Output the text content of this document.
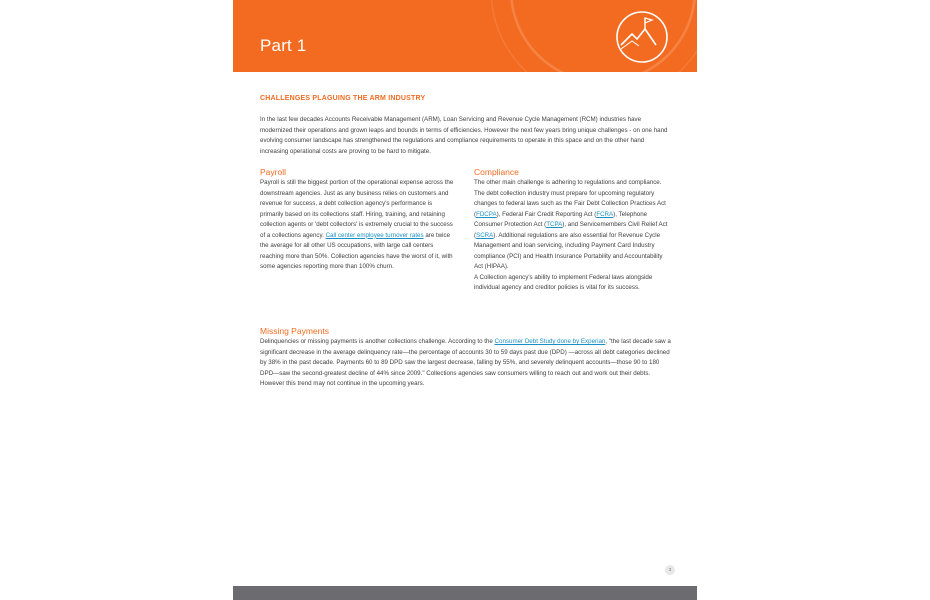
Part 1
CHALLENGES PLAGUING THE ARM INDUSTRY

In the last few decades Accounts Receivable Management (ARM), Loan Servicing and Revenue Cycle Management (RCM) industries have modernized their operations and grown leaps and bounds in terms of efficiencies. However the next few years bring unique challenges - on one hand evolving consumer landscape has strengthened the regulations and compliance requirements to operate in this space and on the other hand increasing operational costs are proving to be hard to mitigate.

Payroll

Payroll is still the biggest portion of the operational expense across the downstream agencies. Just as any business relies on customers and revenue for success, a debt collection agency's performance is primarily based on its collections staff. Hiring, training, and retaining collection agents or 'debt collectors' is extremely crucial to the success of a collections agency. Call center employee turnover rates are twice the average for all other US occupations, with large call centers reaching more than 50%. Collection agencies have the worst of it, with some agencies reporting more than 100% churn.

Compliance

The other main challenge is adhering to regulations and compliance. The debt collection industry must prepare for upcoming regulatory changes to federal laws such as the Fair Debt Collection Practices Act (FDCPA), Federal Fair Credit Reporting Act (FCRA), Telephone Consumer Protection Act (TCPA), and Servicemembers Civil Relief Act (SCRA). Additional regulations are also essential for Revenue Cycle Management and loan servicing, including Payment Card Industry compliance (PCI) and Health Insurance Portability and Accountability Act (HIPAA).

A Collection agency's ability to implement Federal laws alongside individual agency and creditor policies is vital for its success.

Missing Payments

Delinquencies or missing payments is another collections challenge. According to the Consumer Debt Study done by Experian, "the last decade saw a significant decrease in the average delinquency rate—the percentage of accounts 30 to 59 days past due (DPD) —across all debt categories declined by 38% in the past decade. Payments 60 to 89 DPD saw the largest decrease, falling by 55%, and severely delinquent accounts—those 90 to 180 DPD—saw the second-greatest decline of 44% since 2009." Collections agencies saw consumers willing to reach out and work out their debts. However this trend may not continue in the upcoming years.

3
